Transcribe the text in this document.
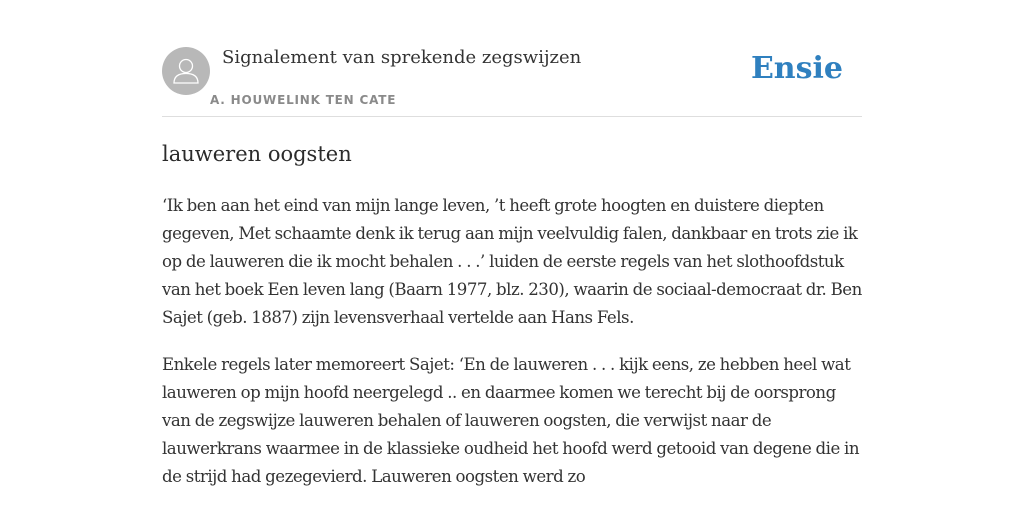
Signalement van sprekende zegswijzen
A. HOUWELINK TEN CATE
Ensie
lauweren oogsten

‘Ik ben aan het eind van mijn lange leven, ’t heeft grote hoogten en duistere diepten gegeven, Met schaamte denk ik terug aan mijn veelvuldig falen, dankbaar en trots zie ik op de lauweren die ik mocht behalen . . .’ luiden de eerste regels van het slothoofdstuk van het boek Een leven lang (Baarn 1977, blz. 230), waarin de sociaal-democraat dr. Ben Sajet (geb. 1887) zijn levensverhaal vertelde aan Hans Fels.

Enkele regels later memoreert Sajet: ‘En de lauweren . . . kijk eens, ze hebben heel wat lauweren op mijn hoofd neergelegd .. en daarmee komen we terecht bij de oorsprong van de zegswijze lauweren behalen of lauweren oogsten, die verwijst naar de lauwerkrans waarmee in de klassieke oudheid het hoofd werd getooid van degene die in de strijd had gezegevierd. Lauweren oogsten werd zo
